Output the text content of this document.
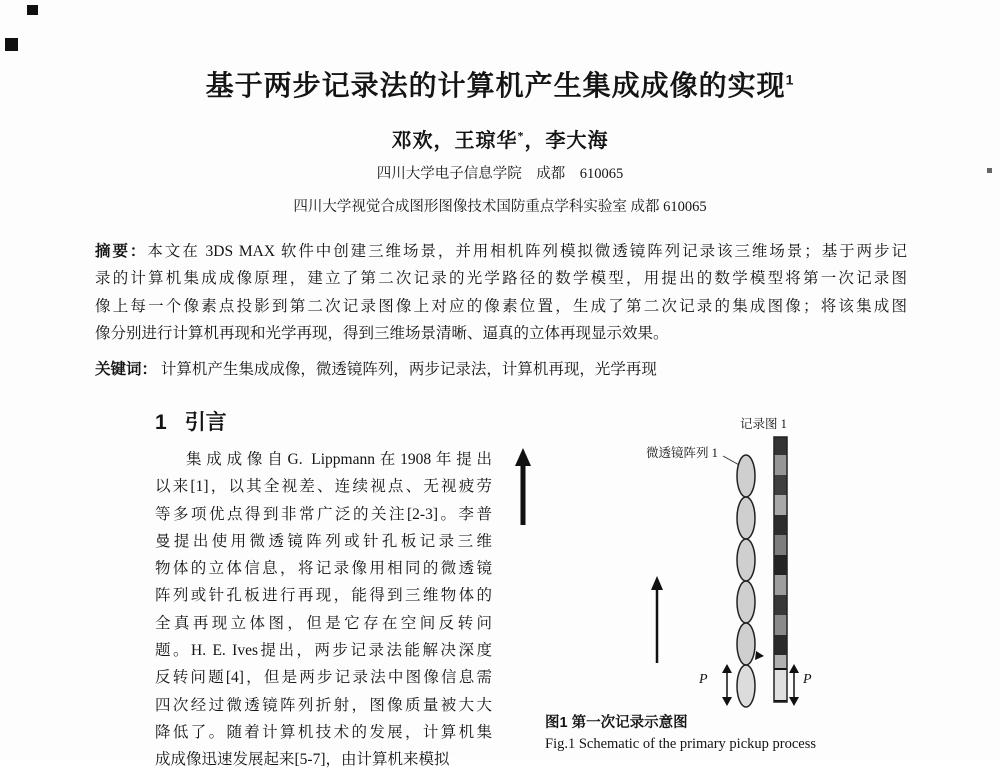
基于两步记录法的计算机产生集成成像的实现$^1$
邓欢，王琼华*，李大海
四川大学电子信息学院　成都　610065
四川大学视觉合成图形图像技术国防重点学科实验室 成都 610065
摘要：本文在 3DS MAX 软件中创建三维场景，并用相机阵列模拟微透镜阵列记录该三维场景；基于两步记
录的计算机集成成像原理，建立了第二次记录的光学路径的数学模型，用提出的数学模型将第一次记录图
像上每一个像素点投影到第二次记录图像上对应的像素位置，生成了第二次记录的集成图像；将该集成图
像分别进行计算机再现和光学再现，得到三维场景清晰、逼真的立体再现显示效果。
关键词： 计算机产生集成成像，微透镜阵列，两步记录法，计算机再现，光学再现
1 引言
集成成像自G. Lippmann在1908年提出
以来[1]，以其全视差、连续视点、无视疲劳
等多项优点得到非常广泛的关注[2-3]。李普
曼提出使用微透镜阵列或针孔板记录三维
物体的立体信息，将记录像用相同的微透镜
阵列或针孔板进行再现，能得到三维物体的
全真再现立体图，但是它存在空间反转问
题。H. E. Ives提出，两步记录法能解决深度
反转问题[4]，但是两步记录法中图像信息需
四次经过微透镜阵列折射，图像质量被大大
降低了。随着计算机技术的发展，计算机集
成成像迅速发展起来[5-7]，由计算机来模拟
记录图 1
微透镜阵列 1
P	P
图1 第一次记录示意图
Fig.1 Schematic of the primary pickup process
